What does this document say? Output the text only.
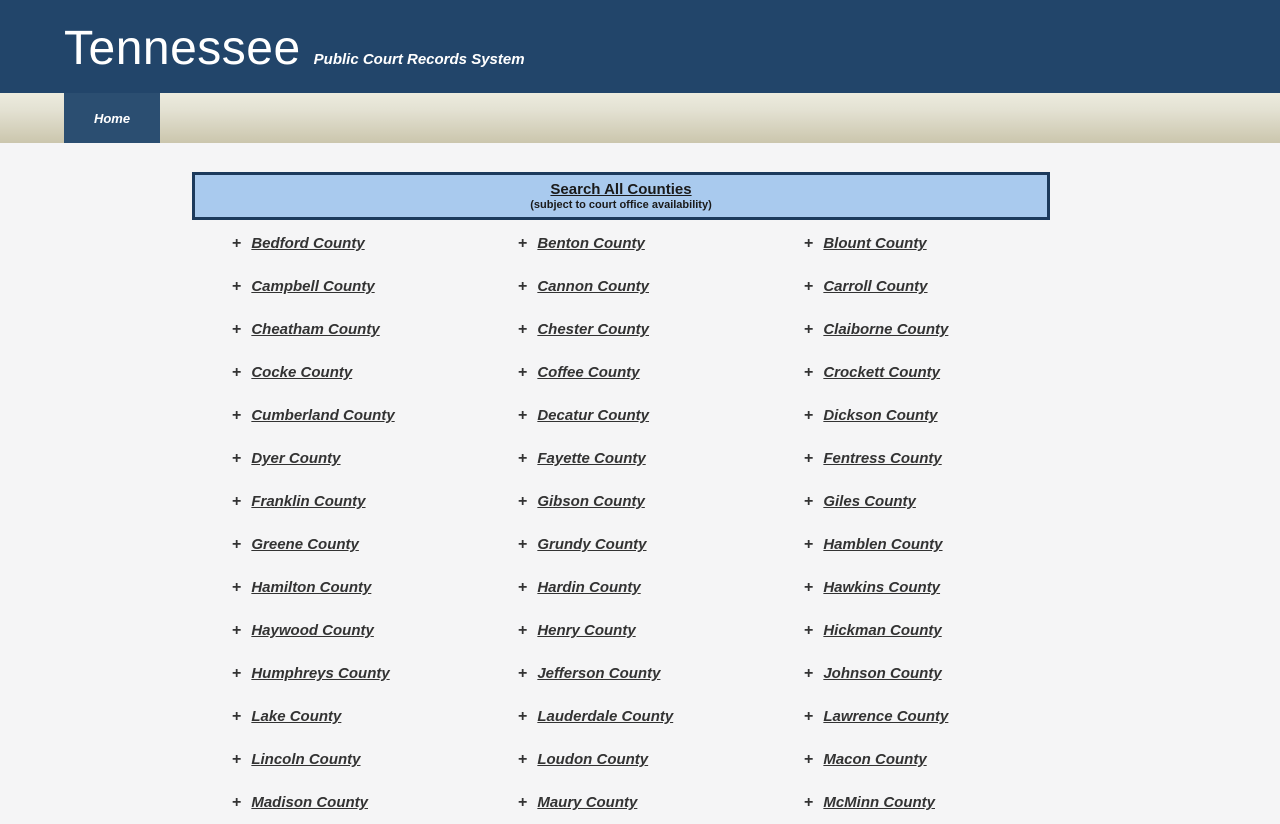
Tennessee Public Court Records System
Home
Search All Counties
(subject to court office availability)
+ Bedford County	+ Benton County	+ Blount County
+ Campbell County	+ Cannon County	+ Carroll County
+ Cheatham County	+ Chester County	+ Claiborne County
+ Cocke County	+ Coffee County	+ Crockett County
+ Cumberland County	+ Decatur County	+ Dickson County
+ Dyer County	+ Fayette County	+ Fentress County
+ Franklin County	+ Gibson County	+ Giles County
+ Greene County	+ Grundy County	+ Hamblen County
+ Hamilton County	+ Hardin County	+ Hawkins County
+ Haywood County	+ Henry County	+ Hickman County
+ Humphreys County	+ Jefferson County	+ Johnson County
+ Lake County	+ Lauderdale County	+ Lawrence County
+ Lincoln County	+ Loudon County	+ Macon County
+ Madison County	+ Maury County	+ McMinn County
